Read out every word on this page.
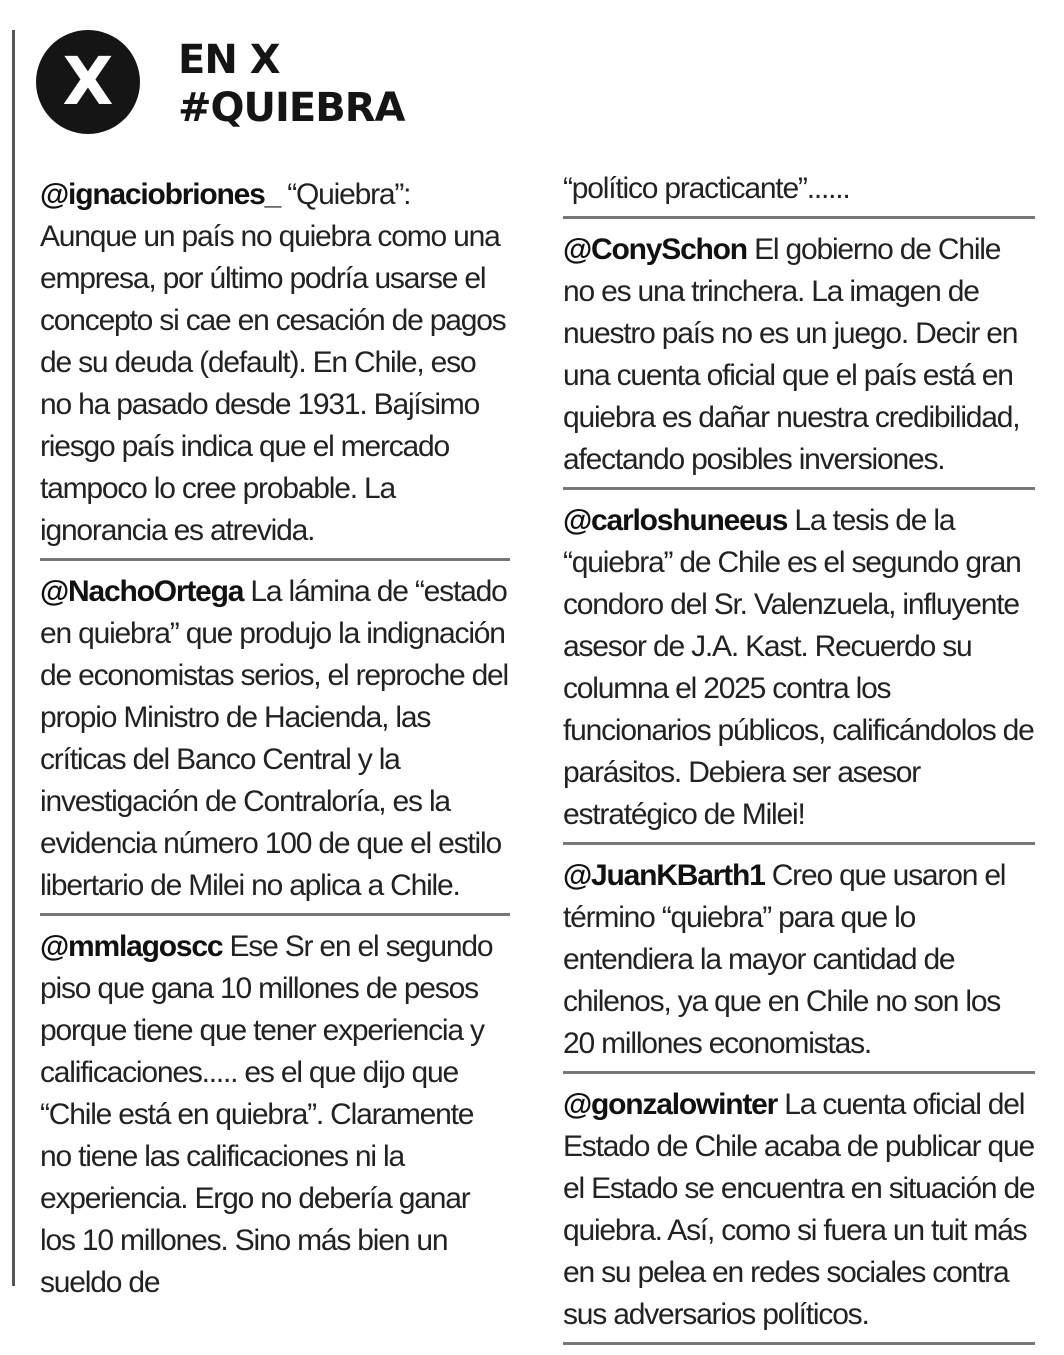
X	EN X
#QUIEBRA

@ignaciobriones_ “Quiebra”: Aunque un país no quiebra como una empresa, por último podría usarse el concepto si cae en cesación de pagos de su deuda (default). En Chile, eso no ha pasado desde 1931. Bajísimo riesgo país indica que el mercado tampoco lo cree probable. La ignorancia es atrevida.

@NachoOrtega La lámina de “estado en quiebra” que produjo la indignación de economistas serios, el reproche del propio Ministro de Hacienda, las críticas del Banco Central y la investigación de Contraloría, es la evidencia número 100 de que el estilo libertario de Milei no aplica a Chile.

@mmlagoscc Ese Sr en el segundo piso que gana 10 millones de pesos porque tiene que tener experiencia y calificaciones..... es el que dijo que “Chile está en quiebra”. Claramente no tiene las calificaciones ni la experiencia. Ergo no debería ganar los 10 millones. Sino más bien un sueldo de

“político practicante”......

@ConySchon El gobierno de Chile no es una trinchera. La imagen de nuestro país no es un juego. Decir en una cuenta oficial que el país está en quiebra es dañar nuestra credibilidad, afectando posibles inversiones.

@carloshuneeus La tesis de la “quiebra” de Chile es el segundo gran condoro del Sr. Valenzuela, influyente asesor de J.A. Kast. Recuerdo su columna el 2025 contra los funcionarios públicos, calificándolos de parásitos. Debiera ser asesor estratégico de Milei!

@JuanKBarth1 Creo que usaron el término “quiebra” para que lo entendiera la mayor cantidad de chilenos, ya que en Chile no son los 20 millones economistas.

@gonzalowinter La cuenta oficial del Estado de Chile acaba de publicar que el Estado se encuentra en situación de quiebra. Así, como si fuera un tuit más en su pelea en redes sociales contra sus adversarios políticos.
